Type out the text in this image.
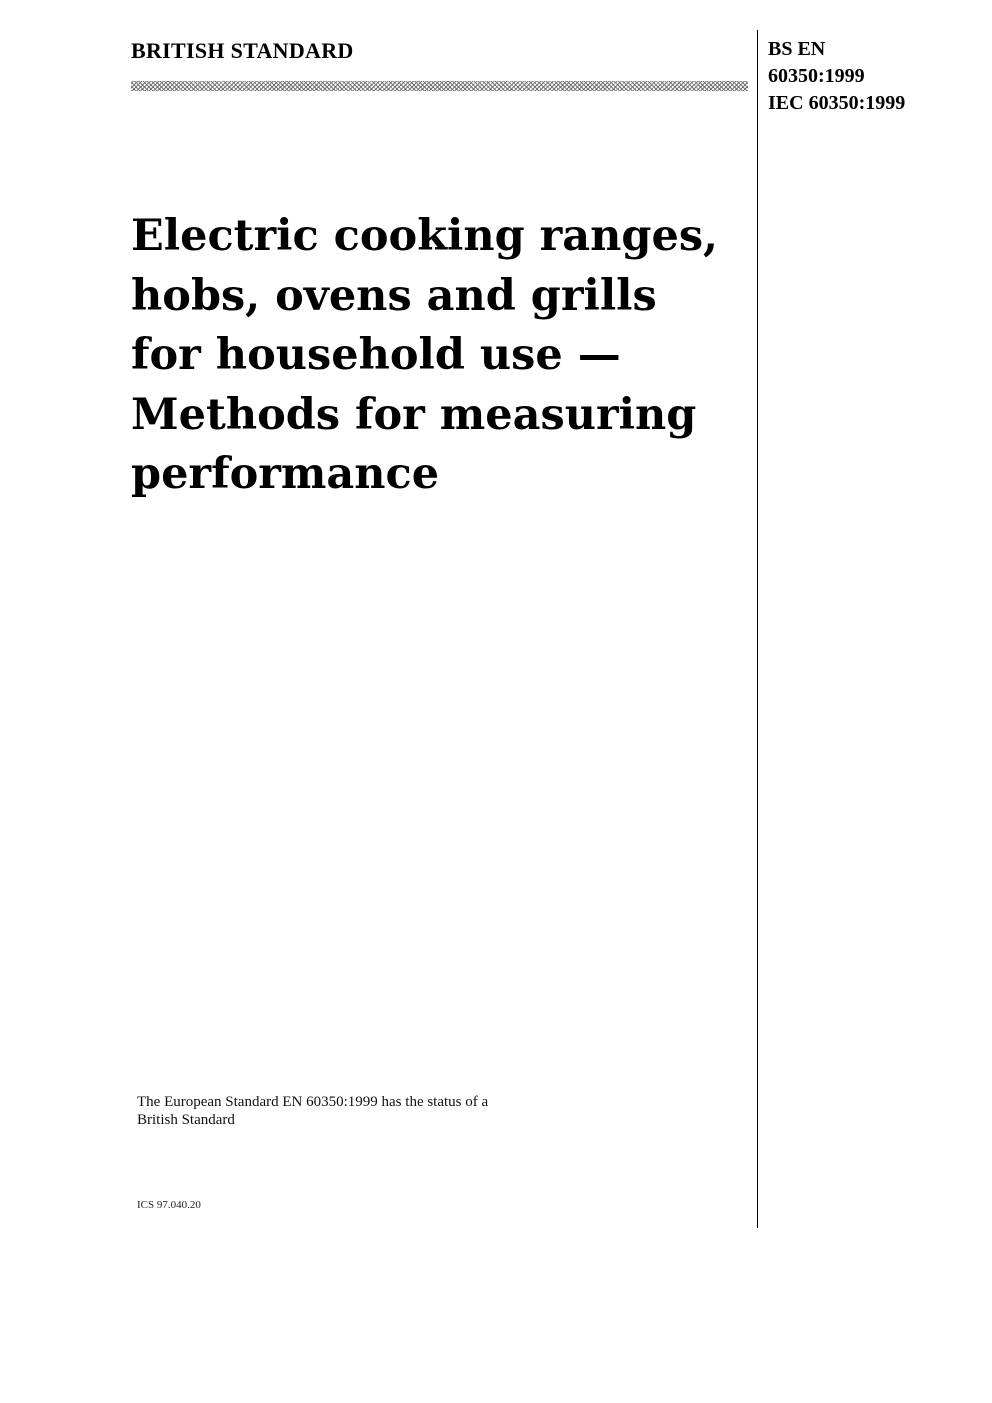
BRITISH STANDARD	BS EN
60350:1999
IEC 60350:1999
Electric cooking ranges,
hobs, ovens and grills
for household use —
Methods for measuring
performance
The European Standard EN 60350:1999 has the status of a
British Standard
ICS 97.040.20
